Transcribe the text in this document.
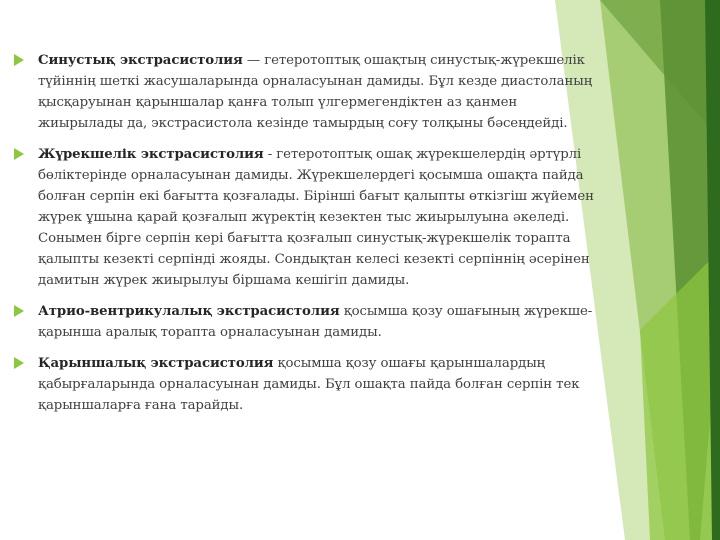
Синустық экстрасистолия — гетеротоптық ошақтың синустық-жүрекшелік түйіннің шеткі жасушаларында орналасуынан дамиды. Бұл кезде диастоланың қысқаруынан қарыншалар қанға толып үлгермегендіктен аз қанмен жиырылады да, экстрасистола кезінде тамырдың соғу толқыны бәсеңдейді.
Жүрекшелік экстрасистолия - гетеротоптық ошақ жүрекшелердің әртүрлі бөліктерінде орналасуынан дамиды. Жүрекшелердегі қосымша ошақта пайда болған серпін екі бағытта қозғалады. Бірінші бағыт қалыпты өткізгіш жүйемен жүрек ұшына қарай қозғалып жүректің кезектен тыс жиырылуына әкеледі. Сонымен бірге серпін кері бағытта қозғалып синустық-жүрекшелік торапта қалыпты кезекті серпінді жояды. Сондықтан келесі кезекті серпіннің әсерінен дамитын жүрек жиырылуы біршама кешігіп дамиды.
Атрио-вентрикулалық экстрасистолия қосымша қозу ошағының жүрекше-қарынша аралық торапта орналасуынан дамиды.
Қарыншалық экстрасистолия қосымша қозу ошағы қарыншалардың қабырғаларында орналасуынан дамиды. Бұл ошақта пайда болған серпін тек қарыншаларға ғана тарайды.
